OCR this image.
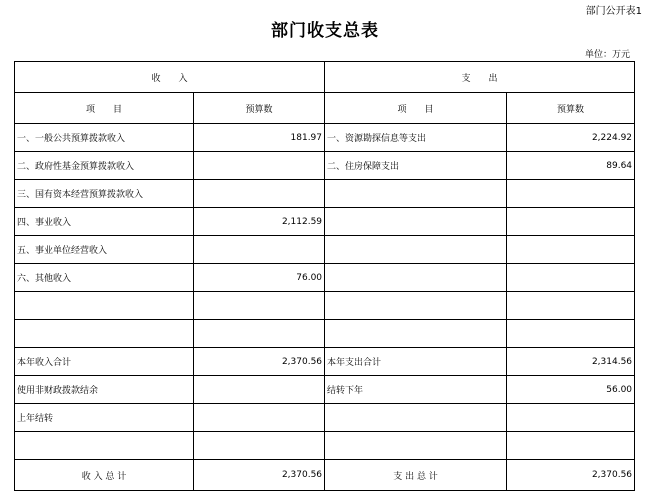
部门公开表1
部门收支总表
单位：万元
收　　入		支　　出	
项　　目	预算数	项　　目	预算数
一、一般公共预算拨款收入	181.97	一、资源勘探信息等支出	2,224.92
二、政府性基金预算拨款收入		二、住房保障支出	89.64
三、国有资本经营预算拨款收入			
四、事业收入	2,112.59		
五、事业单位经营收入			
六、其他收入	76.00		

本年收入合计	2,370.56	本年支出合计	2,314.56
使用非财政拨款结余		结转下年	56.00
上年结转			

收 入 总 计	2,370.56	支 出 总 计	2,370.56
